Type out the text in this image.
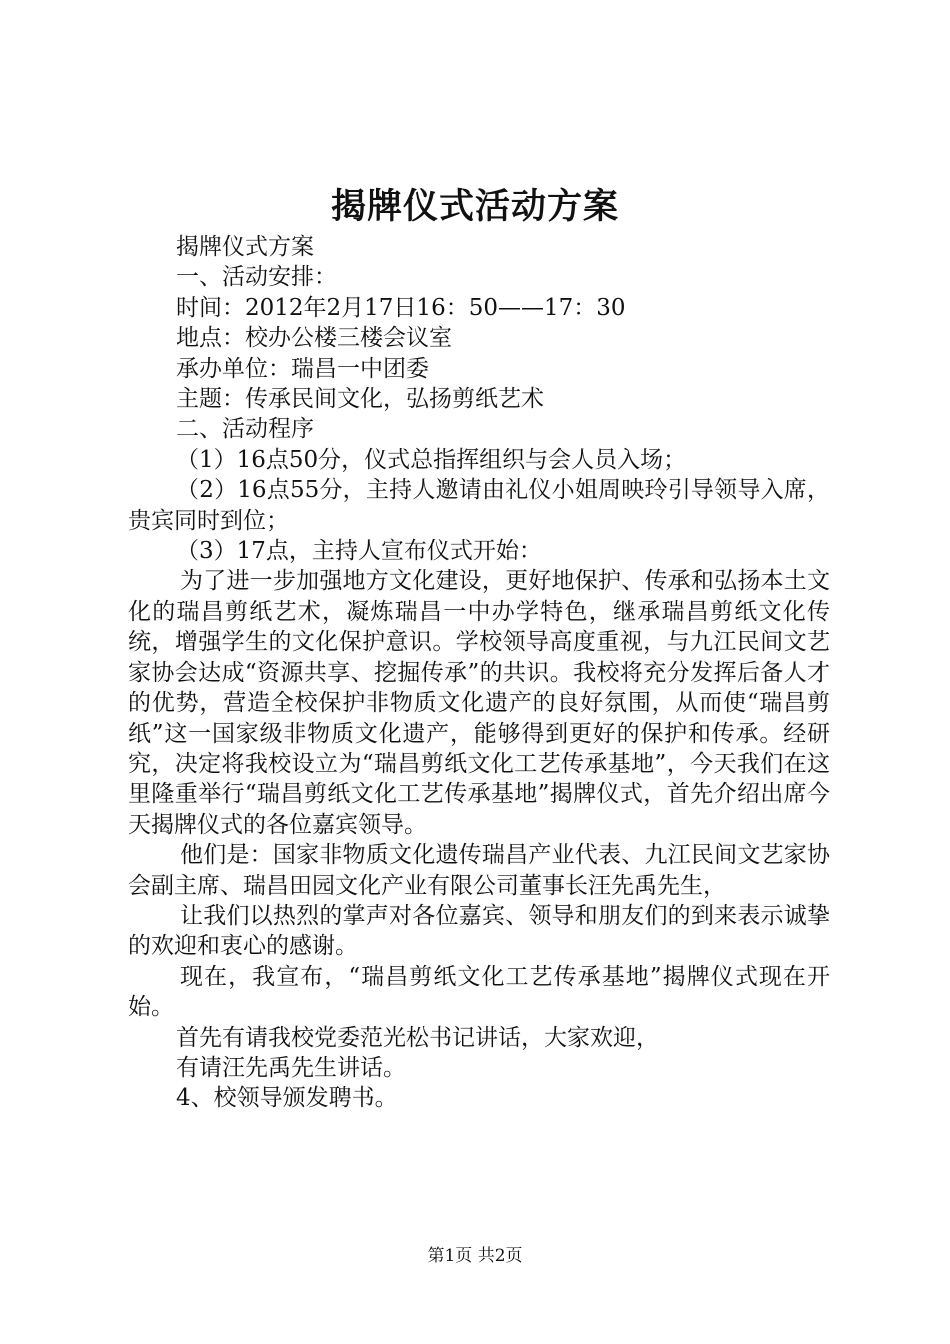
揭牌仪式活动方案

揭牌仪式方案

一、活动安排：

时间：2012年2月17日16：50——17：30

地点：校办公楼三楼会议室

承办单位：瑞昌一中团委

主题：传承民间文化，弘扬剪纸艺术

二、活动程序

（1）16点50分，仪式总指挥组织与会人员入场；

（2）16点55分，主持人邀请由礼仪小姐周映玲引导领导入席，贵宾同时到位；

（3）17点，主持人宣布仪式开始：

为了进一步加强地方文化建设，更好地保护、传承和弘扬本土文化的瑞昌剪纸艺术，凝炼瑞昌一中办学特色，继承瑞昌剪纸文化传统，增强学生的文化保护意识。学校领导高度重视，与九江民间文艺家协会达成“资源共享、挖掘传承”的共识。我校将充分发挥后备人才的优势，营造全校保护非物质文化遗产的良好氛围，从而使“瑞昌剪纸”这一国家级非物质文化遗产，能够得到更好的保护和传承。经研究，决定将我校设立为“瑞昌剪纸文化工艺传承基地”，今天我们在这里隆重举行“瑞昌剪纸文化工艺传承基地”揭牌仪式，首先介绍出席今天揭牌仪式的各位嘉宾领导。

他们是：国家非物质文化遗传瑞昌产业代表、九江民间文艺家协会副主席、瑞昌田园文化产业有限公司董事长汪先禹先生，

让我们以热烈的掌声对各位嘉宾、领导和朋友们的到来表示诚挚的欢迎和衷心的感谢。

现在，我宣布，“瑞昌剪纸文化工艺传承基地”揭牌仪式现在开始。

首先有请我校党委范光松书记讲话，大家欢迎，

有请汪先禹先生讲话。

4、校领导颁发聘书。

第1页 共2页
